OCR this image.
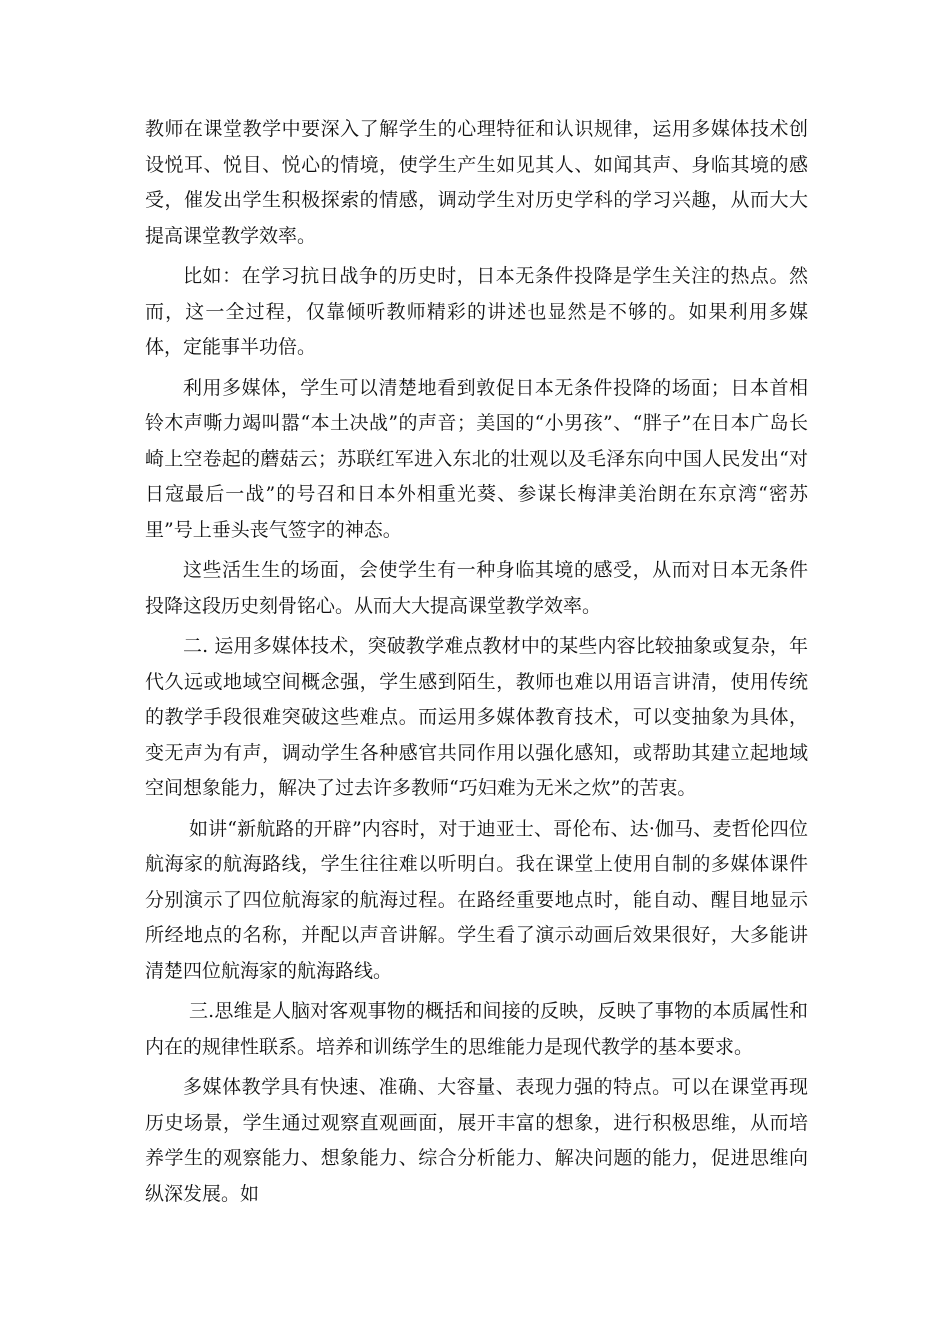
教师在课堂教学中要深入了解学生的心理特征和认识规律，运用多媒体技术创设悦耳、悦目、悦心的情境，使学生产生如见其人、如闻其声、身临其境的感受，催发出学生积极探索的情感，调动学生对历史学科的学习兴趣，从而大大提高课堂教学效率。

比如：在学习抗日战争的历史时，日本无条件投降是学生关注的热点。然而，这一全过程，仅靠倾听教师精彩的讲述也显然是不够的。如果利用多媒体，定能事半功倍。

利用多媒体，学生可以清楚地看到敦促日本无条件投降的场面；日本首相铃木声嘶力竭叫嚣“本土决战”的声音；美国的“小男孩”、“胖子”在日本广岛长崎上空卷起的蘑菇云；苏联红军进入东北的壮观以及毛泽东向中国人民发出“对日寇最后一战”的号召和日本外相重光葵、参谋长梅津美治朗在东京湾“密苏里”号上垂头丧气签字的神态。

这些活生生的场面，会使学生有一种身临其境的感受，从而对日本无条件投降这段历史刻骨铭心。从而大大提高课堂教学效率。

二. 运用多媒体技术，突破教学难点教材中的某些内容比较抽象或复杂，年代久远或地域空间概念强，学生感到陌生，教师也难以用语言讲清，使用传统的教学手段很难突破这些难点。而运用多媒体教育技术，可以变抽象为具体，变无声为有声，调动学生各种感官共同作用以强化感知，或帮助其建立起地域空间想象能力，解决了过去许多教师“巧妇难为无米之炊”的苦衷。

如讲“新航路的开辟”内容时，对于迪亚士、哥伦布、达·伽马、麦哲伦四位航海家的航海路线，学生往往难以听明白。我在课堂上使用自制的多媒体课件分别演示了四位航海家的航海过程。在路经重要地点时，能自动、醒目地显示所经地点的名称，并配以声音讲解。学生看了演示动画后效果很好，大多能讲清楚四位航海家的航海路线。

三.思维是人脑对客观事物的概括和间接的反映，反映了事物的本质属性和内在的规律性联系。培养和训练学生的思维能力是现代教学的基本要求。

多媒体教学具有快速、准确、大容量、表现力强的特点。可以在课堂再现历史场景，学生通过观察直观画面，展开丰富的想象，进行积极思维，从而培养学生的观察能力、想象能力、综合分析能力、解决问题的能力，促进思维向纵深发展。如
